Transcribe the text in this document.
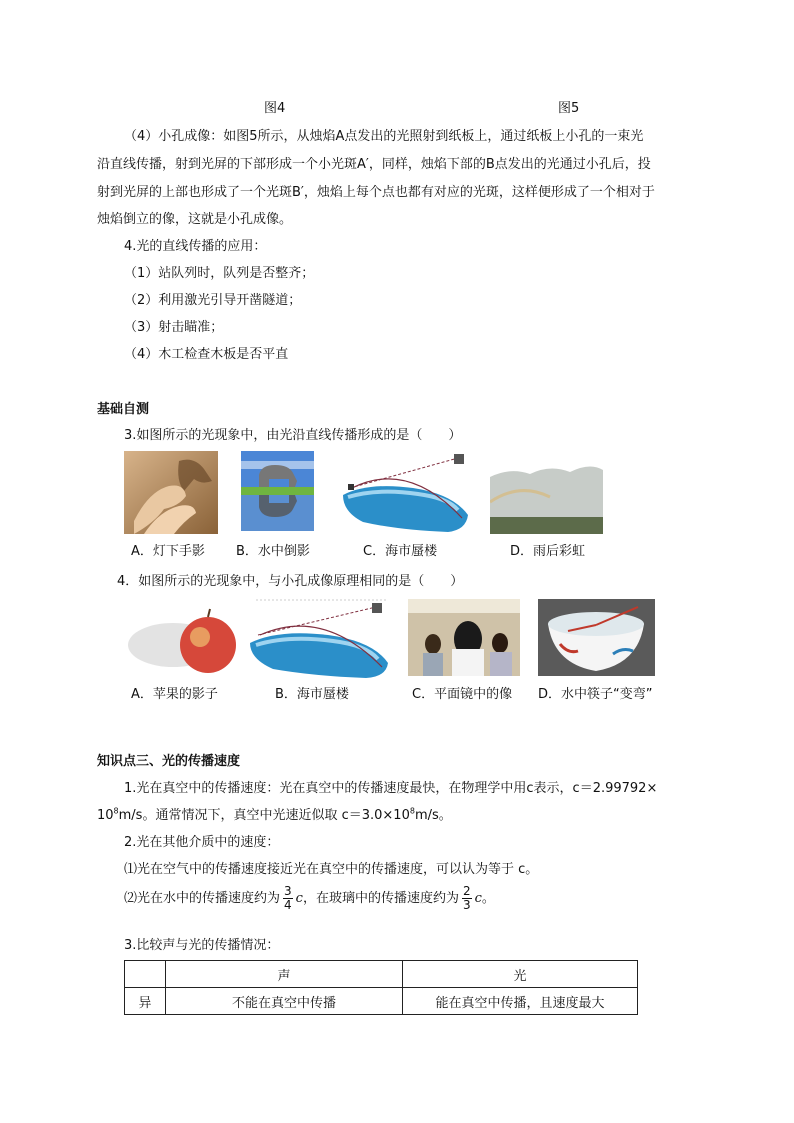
图4	图5
（4）小孔成像：如图5所示，从烛焰A点发出的光照射到纸板上，通过纸板上小孔的一束光
沿直线传播，射到光屏的下部形成一个小光斑A′，同样，烛焰下部的B点发出的光通过小孔后，投
射到光屏的上部也形成了一个光斑B′，烛焰上每个点也都有对应的光斑，这样便形成了一个相对于
烛焰倒立的像，这就是小孔成像。
4.光的直线传播的应用：
（1）站队列时，队列是否整齐；
（2）利用激光引导开凿隧道；
（3）射击瞄准；
（4）木工检查木板是否平直
基础自测
3.如图所示的光现象中，由光沿直线传播形成的是（　　）
A．灯下手影 B．水中倒影	C．海市蜃楼	D．雨后彩虹
4．如图所示的光现象中，与小孔成像原理相同的是（　　）
A．苹果的影子	B．海市蜃楼	C．平面镜中的像 D．水中筷子“变弯”
知识点三、光的传播速度
1.光在真空中的传播速度：光在真空中的传播速度最快，在物理学中用c表示，c＝2.99792×
$10^8m/s$。通常情况下，真空中光速近似取 $c=3.0\times 10^8m/s$。
2.光在其他介质中的速度：
⑴光在空气中的传播速度接近光在真空中的传播速度，可以认为等于 c。
⑵光在水中的传播速度约为 $\frac{3}{4}$ c，在玻璃中的传播速度约为 $\frac{2}{3}$ c。
3.比较声与光的传播情况：
	声	光
异	不能在真空中传播	能在真空中传播，且速度最大
